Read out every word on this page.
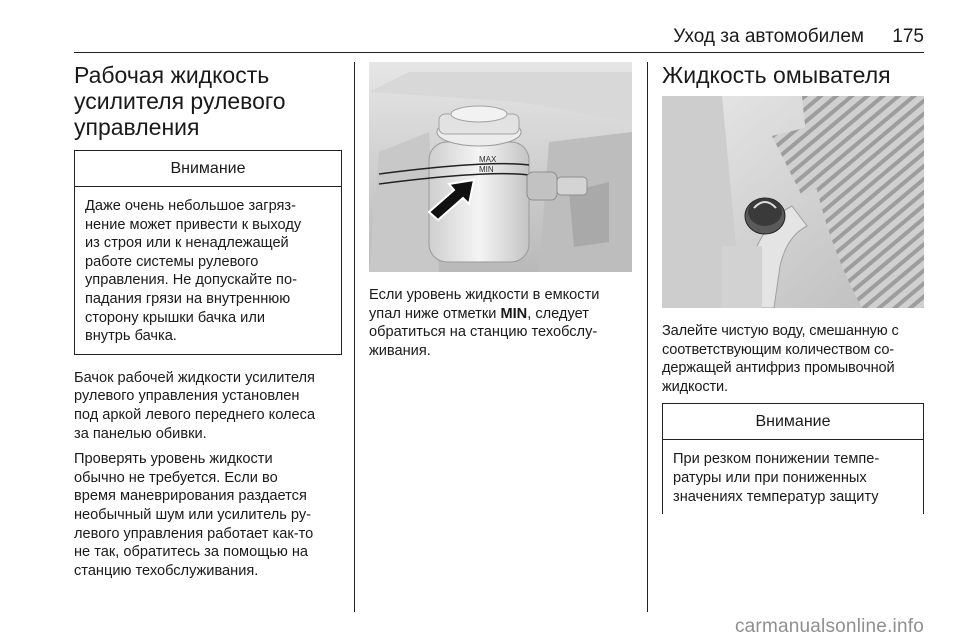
Уход за автомобилем 175
Рабочая жидкость
усилителя рулевого
управления
Внимание
Даже очень небольшое загряз-
нение может привести к выходу
из строя или к ненадлежащей
работе системы рулевого
управления. Не допускайте по-
падания грязи на внутреннюю
сторону крышки бачка или
внутрь бачка.

Бачок рабочей жидкости усилителя
рулевого управления установлен
под аркой левого переднего колеса
за панелью обивки.

Проверять уровень жидкости
обычно не требуется. Если во
время маневрирования раздается
необычный шум или усилитель ру-
левого управления работает как-то
не так, обратитесь за помощью на
станцию техобслуживания.

MAX
MIN

Если уровень жидкости в емкости
упал ниже отметки MIN, следует
обратиться на станцию техобслу-
живания.

Жидкость омывателя

Залейте чистую воду, смешанную с
соответствующим количеством со-
держащей антифриз промывочной
жидкости.

Внимание
При резком понижении темпе-
ратуры или при пониженных
значениях температур защиту
carmanualsonline.info
